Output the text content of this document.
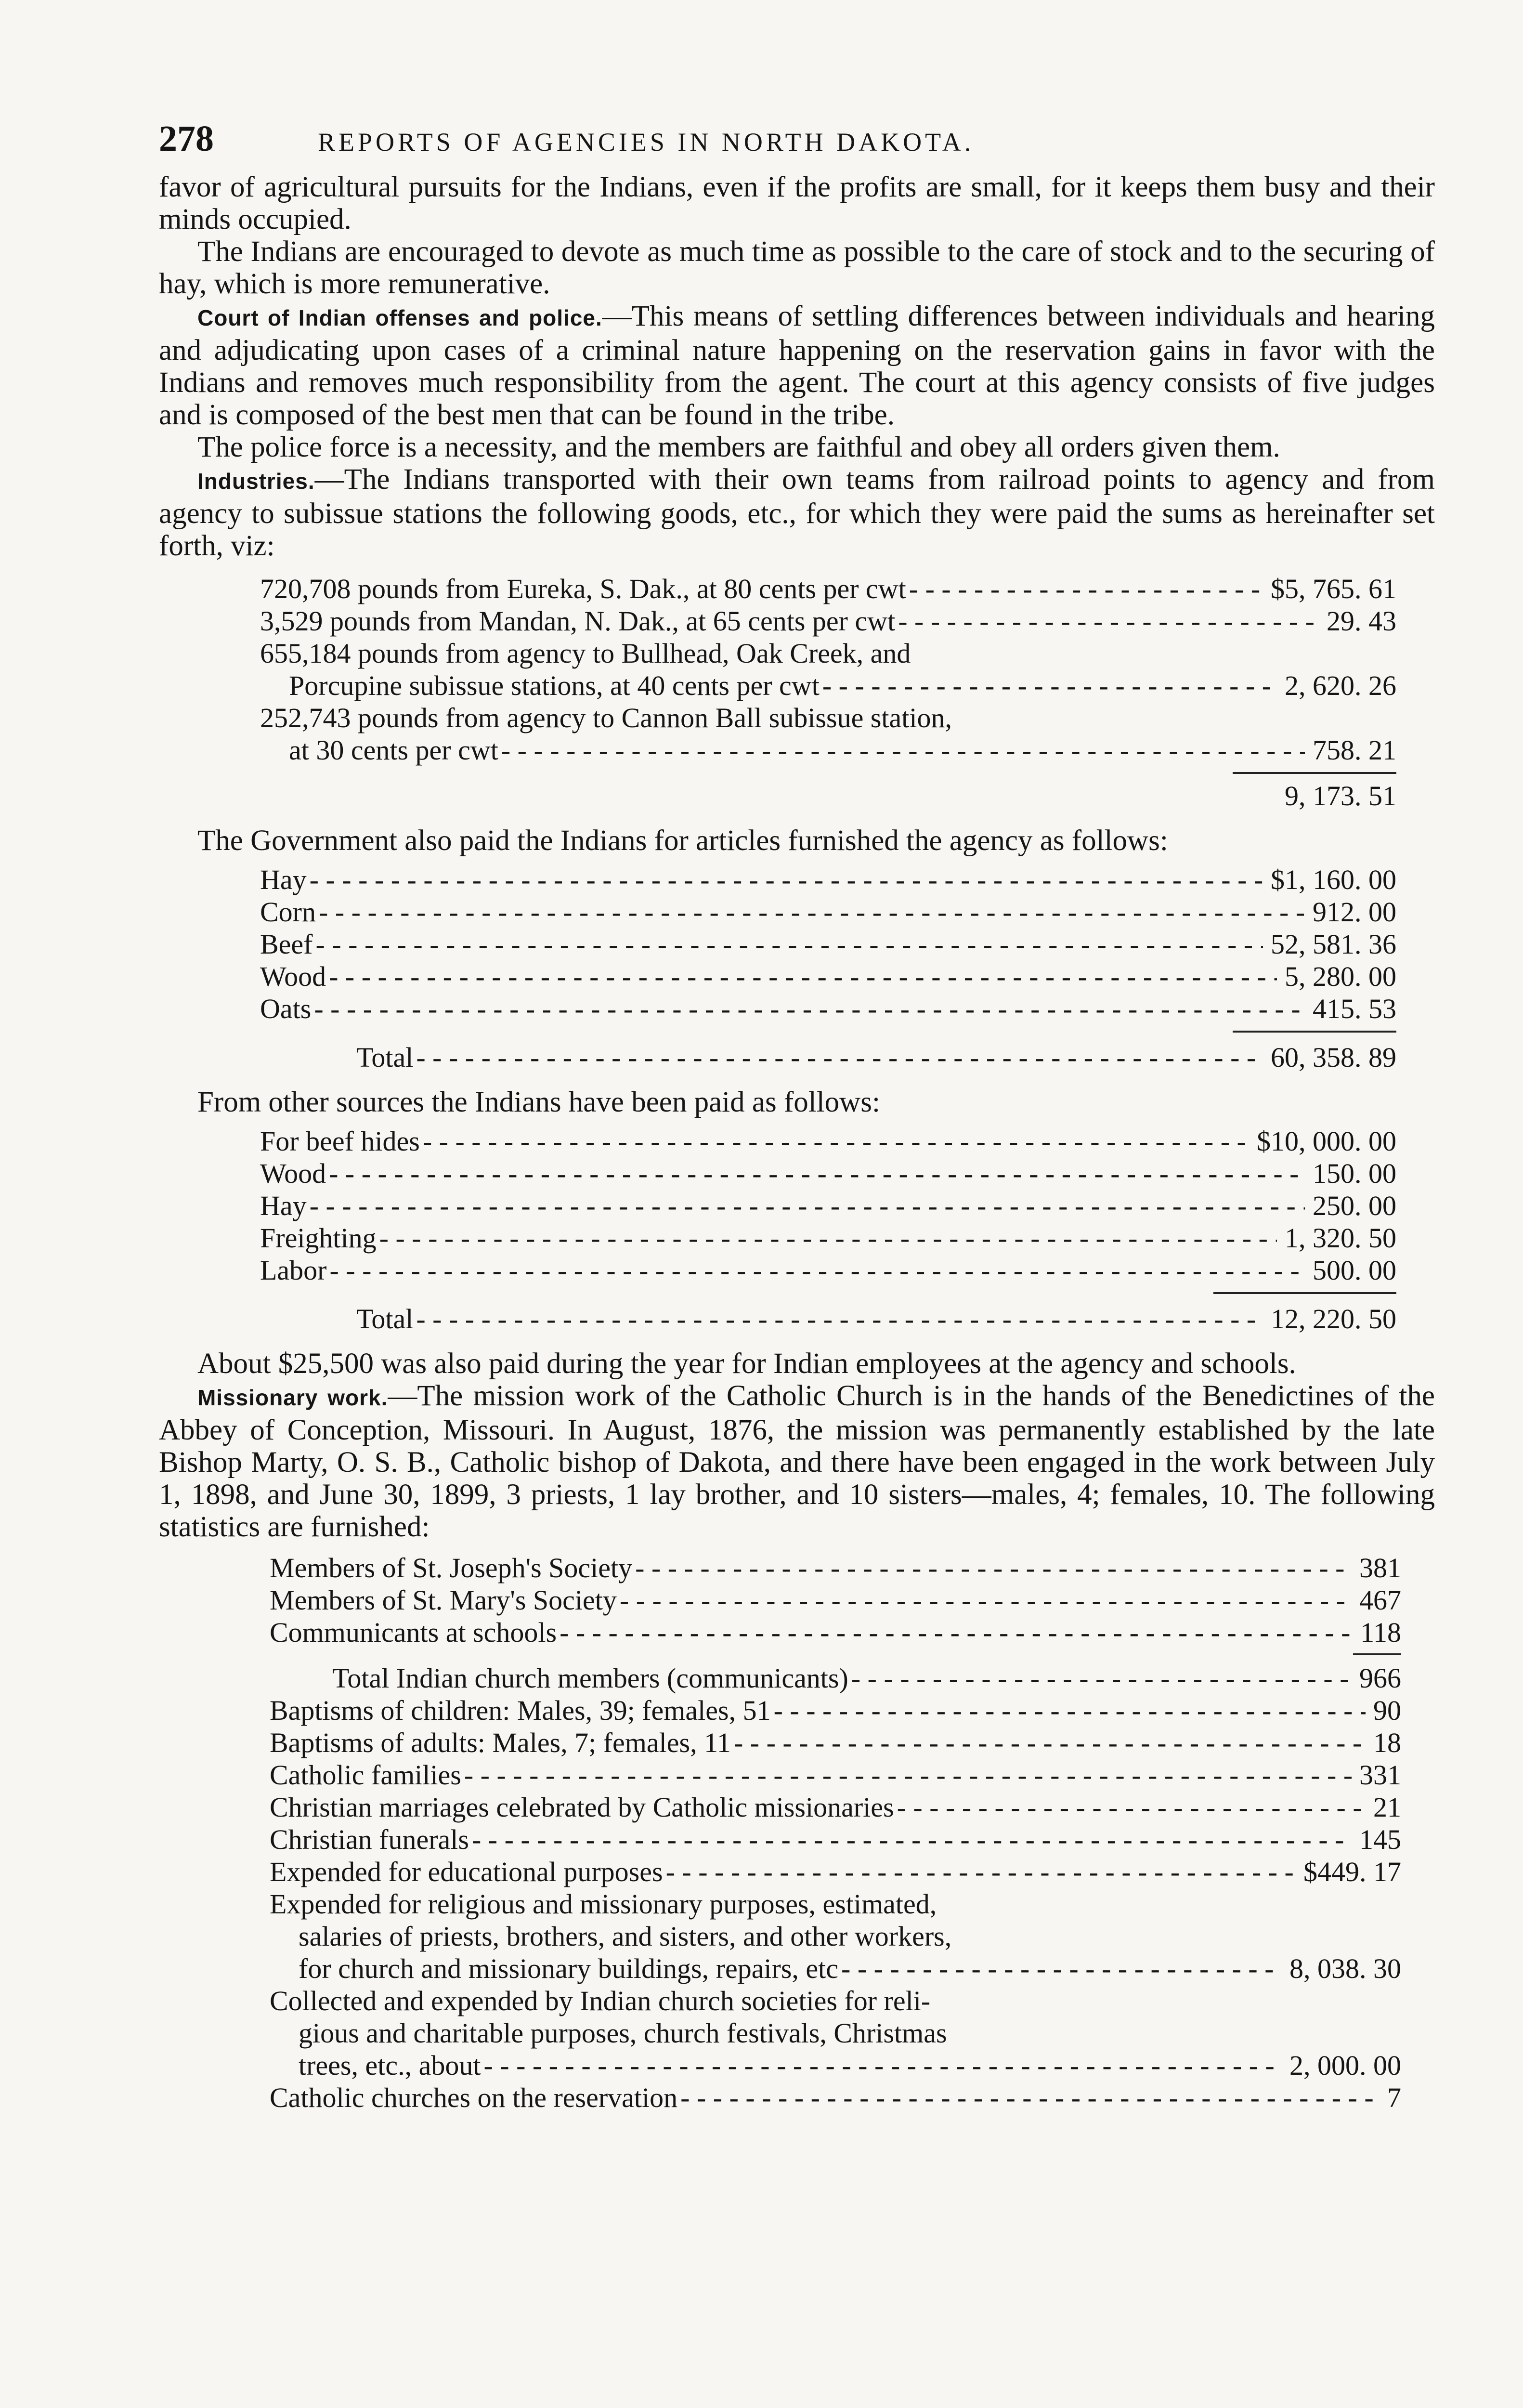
278	REPORTS OF AGENCIES IN NORTH DAKOTA.

favor of agricultural pursuits for the Indians, even if the profits are small, for it keeps them busy and their minds occupied.

The Indians are encouraged to devote as much time as possible to the care of stock and to the securing of hay, which is more remunerative.

Court of Indian offenses and police.—This means of settling differences between individuals and hearing and adjudicating upon cases of a criminal nature happening on the reservation gains in favor with the Indians and removes much responsibility from the agent. The court at this agency consists of five judges and is composed of the best men that can be found in the tribe.

The police force is a necessity, and the members are faithful and obey all orders given them.

Industries.—The Indians transported with their own teams from railroad points to agency and from agency to subissue stations the following goods, etc., for which they were paid the sums as hereinafter set forth, viz:

720,708 pounds from Eureka, S. Dak., at 80 cents per cwt - - -	$5, 765. 61
3,529 pounds from Mandan, N. Dak., at 65 cents per cwt - - -	29. 43
655,184 pounds from agency to Bullhead, Oak Creek, and
Porcupine subissue stations, at 40 cents per cwt - - -	2, 620. 26
252,743 pounds from agency to Cannon Ball subissue station,
at 30 cents per cwt - - -	758. 21
9, 173. 51

The Government also paid the Indians for articles furnished the agency as follows:

Hay - - -	$1, 160. 00
Corn - - -	912. 00
Beef - - -	52, 581. 36
Wood - - -	5, 280. 00
Oats - - -	415. 53
Total - - -	60, 358. 89

From other sources the Indians have been paid as follows:

For beef hides - - -	$10, 000. 00
Wood - - -	150. 00
Hay - - -	250. 00
Freighting - - -	1, 320. 50
Labor - - -	500. 00
Total - - -	12, 220. 50

About $25,500 was also paid during the year for Indian employees at the agency and schools.

Missionary work.—The mission work of the Catholic Church is in the hands of the Benedictines of the Abbey of Conception, Missouri. In August, 1876, the mission was permanently established by the late Bishop Marty, O. S. B., Catholic bishop of Dakota, and there have been engaged in the work between July 1, 1898, and June 30, 1899, 3 priests, 1 lay brother, and 10 sisters—males, 4; females, 10. The following statistics are furnished:

Members of St. Joseph's Society - - -	381
Members of St. Mary's Society - - -	467
Communicants at schools - - -	118
Total Indian church members (communicants) - - -	966
Baptisms of children: Males, 39; females, 51 - - -	90
Baptisms of adults: Males, 7; females, 11 - - -	18
Catholic families - - -	331
Christian marriages celebrated by Catholic missionaries - - -	21
Christian funerals - - -	145
Expended for educational purposes - - -	$449. 17
Expended for religious and missionary purposes, estimated,
salaries of priests, brothers, and sisters, and other workers,
for church and missionary buildings, repairs, etc - - -	8, 038. 30
Collected and expended by Indian church societies for reli-
gious and charitable purposes, church festivals, Christmas
trees, etc., about - - -	2, 000. 00
Catholic churches on the reservation - - -	7
